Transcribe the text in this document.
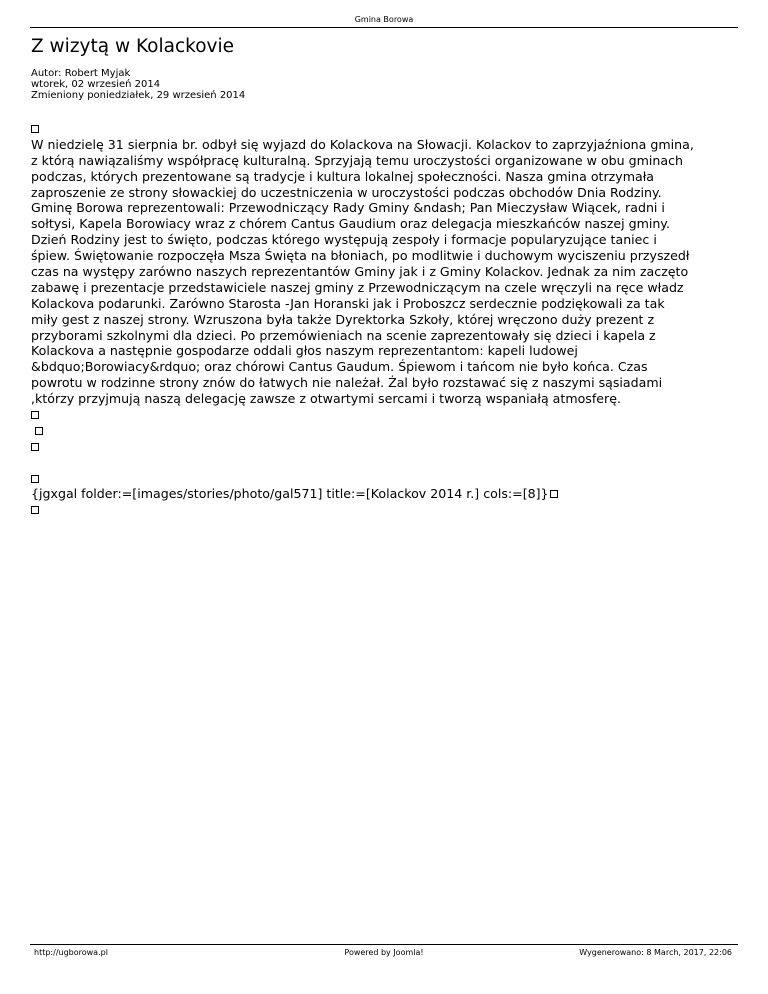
Gmina Borowa
Z wizytą w Kolackovie
Autor: Robert Myjak
wtorek, 02 wrzesień 2014
Zmieniony poniedziałek, 29 wrzesień 2014
W niedzielę 31 sierpnia br. odbył się wyjazd do Kolackova na Słowacji. Kolackov to zaprzyjaźniona gmina,
z którą nawiązaliśmy współpracę kulturalną. Sprzyjają temu uroczystości organizowane w obu gminach
podczas, których prezentowane są tradycje i kultura lokalnej społeczności. Nasza gmina otrzymała
zaproszenie ze strony słowackiej do uczestniczenia w uroczystości podczas obchodów Dnia Rodziny.
Gminę Borowa reprezentowali: Przewodniczący Rady Gminy &ndash; Pan Mieczysław Wiącek, radni i
sołtysi, Kapela Borowiacy wraz z chórem Cantus Gaudium oraz delegacja mieszkańców naszej gminy.
Dzień Rodziny jest to święto, podczas którego występują zespoły i formacje popularyzujące taniec i
śpiew. Świętowanie rozpoczęła Msza Święta na błoniach, po modlitwie i duchowym wyciszeniu przyszedł
czas na występy zarówno naszych reprezentantów Gminy jak i z Gminy Kolackov. Jednak za nim zaczęto
zabawę i prezentacje przedstawiciele naszej gminy z Przewodniczącym na czele wręczyli na ręce władz
Kolackova podarunki. Zarówno Starosta -Jan Horanski jak i Proboszcz serdecznie podziękowali za tak
miły gest z naszej strony. Wzruszona była także Dyrektorka Szkoły, której wręczono duży prezent z
przyborami szkolnymi dla dzieci. Po przemówieniach na scenie zaprezentowały się dzieci i kapela z
Kolackova a następnie gospodarze oddali głos naszym reprezentantom: kapeli ludowej
&bdquo;Borowiacy&rdquo; oraz chórowi Cantus Gaudum. Śpiewom i tańcom nie było końca. Czas
powrotu w rodzinne strony znów do łatwych nie należał. Żal było rozstawać się z naszymi sąsiadami
,którzy przyjmują naszą delegację zawsze z otwartymi sercami i tworzą wspaniałą atmosferę.
{jgxgal folder:=[images/stories/photo/gal571] title:=[Kolackov 2014 r.] cols:=[8]}
Powered by Joomla!
http://ugborowa.pl	Wygenerowano: 8 March, 2017, 22:06
